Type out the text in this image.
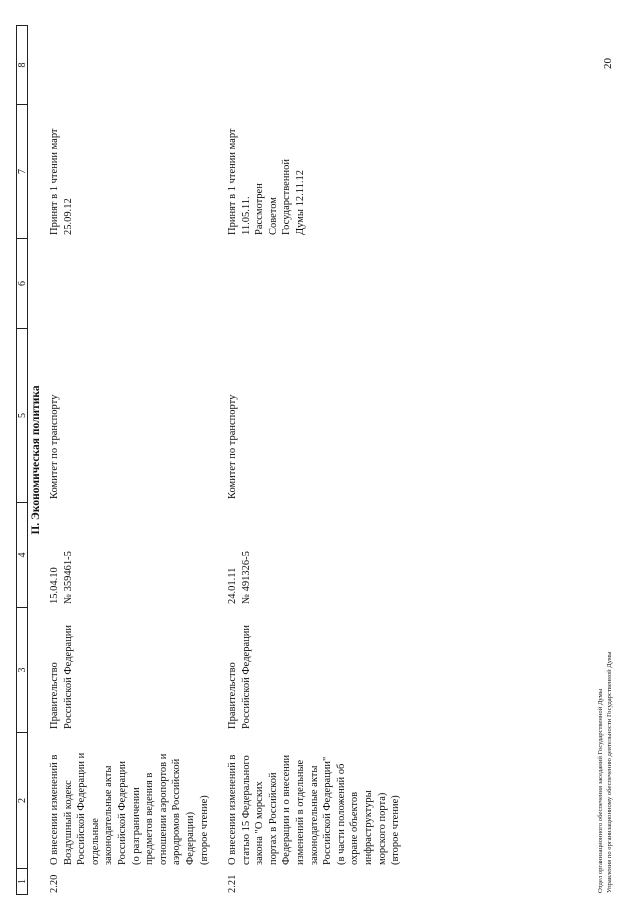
1
2
3
4
5
6
7
8
II. Экономическая политика
2.20
О внесении изменений в
Воздушный кодекс
Российской Федерации и
отдельные
законодательные акты
Российской Федерации
(о разграничении
предметов ведения в
отношении аэропортов и
аэродромов Российской
Федерации)
(второе чтение)
Правительство
Российской Федерации
15.04.10
№ 359461-5
Комитет по транспорту
Принят в 1 чтении март
25.09.12
2.21
О внесении изменений в
статью 15 Федерального
закона "О морских
портах в Российской
Федерации и о внесении
изменений в отдельные
законодательные акты
Российской Федерации"
(в части положений об
охране объектов
инфраструктуры
морского порта)
(второе чтение)
Правительство
Российской Федерации
24.01.11
№ 491326-5
Комитет по транспорту
Принят в 1 чтении март
11.05.11.
Рассмотрен
Советом
Государственной
Думы 12.11.12
20
Отдел организационного обеспечения заседаний Государственной Думы Управления по организационному обеспечению деятельности Государственной Думы
